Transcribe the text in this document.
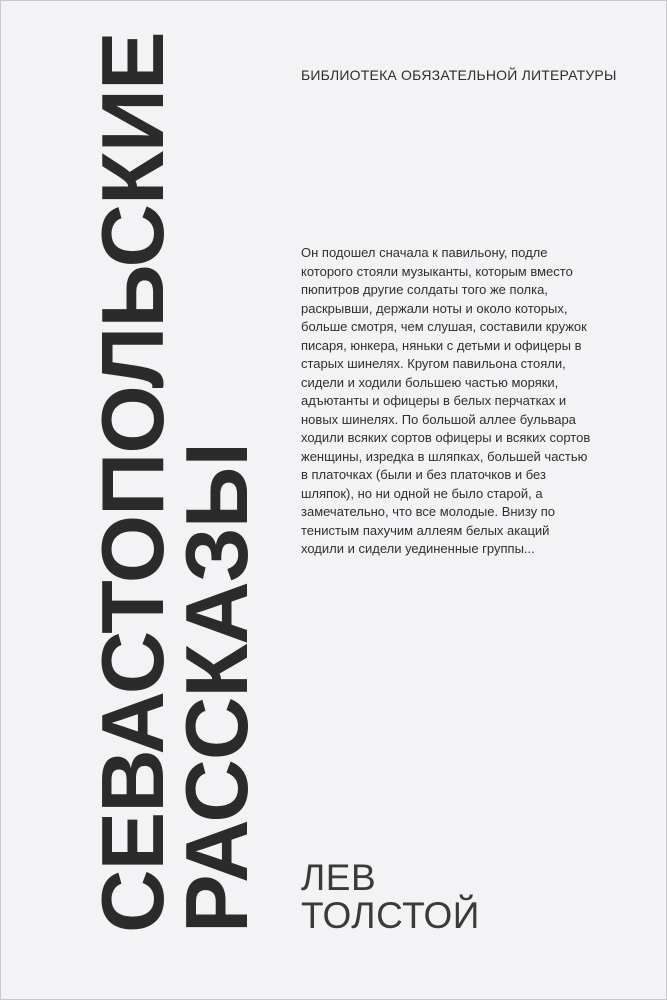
БИБЛИОТЕКА ОБЯЗАТЕЛЬНОЙ ЛИТЕРАТУРЫ
СЕВАСТОПОЛЬСКИЕ
РАССКАЗЫ

Он подошел сначала к павильону, подле которого стояли музыканты, которым вместо пюпитров другие солдаты того же полка, раскрывши, держали ноты и около которых, больше смотря, чем слушая, составили кружок писаря, юнкера, няньки с детьми и офицеры в старых шинелях. Кругом павильона стояли, сидели и ходили большею частью моряки, адъютанты и офицеры в белых перчатках и новых шинелях. По большой аллее бульвара ходили всяких сортов офицеры и всяких сортов женщины, изредка в шляпках, большей частью в платочках (были и без платочков и без шляпок), но ни одной не было старой, а замечательно, что все молодые. Внизу по тенистым пахучим аллеям белых акаций ходили и сидели уединенные группы...

ЛЕВ
ТОЛСТОЙ
